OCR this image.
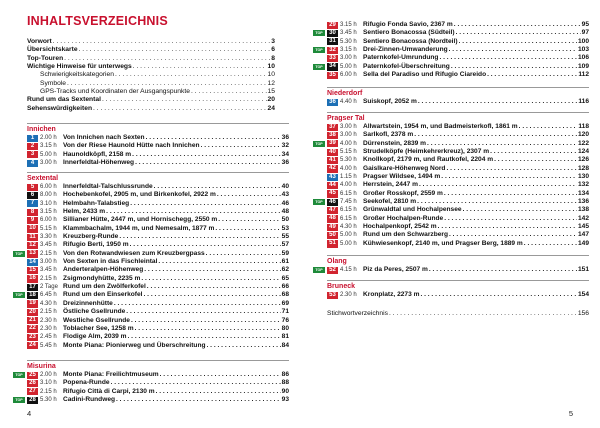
INHALTSVERZEICHNIS
Vorwort . . .	3
Übersichtskarte . . .	6
Top-Touren . . .	8
Wichtige Hinweise für unterwegs . . .	10
Schwierigkeitskategorien . . .	10
Symbole . . .	12
GPS-Tracks und Koordinaten der Ausgangspunkte . . .	15
Rund um das Sextental . . .	20
Sehenswürdigkeiten . . .	24
Innichen
1 2.00 h Von Innichen nach Sexten . . .	36
2 3.15 h Von der Riese Haunold Hütte nach Innichen . . .	32
3 5.00 h Haunoldköpfl, 2158 m . . .	34
4 3.00 h Innerfeldtal-Höhenweg . . .	36
Sextental
5 6.00 h Innerfeldtal-Talschlussrunde . . .	40
6 8.00 h Hochebenkofel, 2905 m, und Birkenkofel, 2922 m . . .	43
7 3.10 h Helmbahn-Talabstieg . . .	46
8 3.15 h Helm, 2433 m . . .	48
9 6.00 h Sillianer Hütte, 2447 m, und Hornischegg, 2550 m . . .	50
10 5.15 h Klammbachalm, 1944 m, und Nemesalm, 1877 m . . .	53
11 3.30 h Kreuzberg-Runde . . .	55
12 3.45 h Rifugio Berti, 1950 m . . .	57
TOP	13 2.15 h Von den Rotwandwiesen zum Kreuzbergpass . . .	59
14 3.00 h Von Sexten in das Fischleintal . . .	61
15 3.45 h Anderteralpen-Höhenweg . . .	62
16 2.15 h Zsigmondyhütte, 2235 m . . .	65
17 2 Tage Rund um den Zwölferkofel . . .	66
TOP	18 6.45 h Rund um den Einserkofel . . .	68
19 4.30 h Dreizinnenhütte . . .	69
20 2.15 h Östliche Gsellrunde . . .	71
21 2.30 h Westliche Gsellrunde . . .	76
22 2.30 h Toblacher See, 1258 m . . .	80
23 2.45 h Flodige Alm, 2039 m . . .	81
24 5.45 h Monte Piana: Pionierweg und Überschreitung . . .	84
Misurina
TOP	25 2.00 h Monte Piana: Freilichtmuseum . . .	86
26 3.10 h Popena-Runde . . .	88
27 2.15 h Rifugio Città di Carpi, 2130 m . . .	90
TOP	28 5.30 h Cadini-Rundweg . . .	93
4
29 3.15 h Rifugio Fonda Savio, 2367 m . . .	95
TOP	30 3.45 h Sentiero Bonacossa (Südteil) . . .	97
31 5.30 h Sentiero Bonacossa (Nordteil) . . .	100
TOP	32 3.15 h Drei-Zinnen-Umwanderung . . .	103
33 3.00 h Paternkofel-Umrundung . . .	106
TOP	34 5.00 h Paternkofel-Überschreitung . . .	109
35 6.00 h Sella del Paradiso und Rifugio Ciareido . . .	112
Niederdorf
36 4.40 h Suiskopf, 2052 m . . .	116
Pragser Tal
37 3.00 h Allwartstein, 1954 m, und Badmeisterkofl, 1861 m . . .	118
38 3.00 h Sarlkofl, 2378 m . . .	120
TOP	39 4.00 h Dürrenstein, 2839 m . . .	122
40 5.15 h Strudelköpfe (Heimkehrerkreuz), 2307 m . . .	124
41 5.30 h Knollkopf, 2179 m, und Rautkofel, 2204 m . . .	126
42 4.00 h Gaislkare-Höhenweg Nord . . .	128
43 1.15 h Pragser Wildsee, 1494 m . . .	130
44 4.00 h Herrstein, 2447 m . . .	132
45 6.15 h Großer Rosskopf, 2559 m . . .	134
TOP	46 7.45 h Seekofel, 2810 m . . .	136
47 6.15 h Grünwaldtal und Hochalpensee . . .	138
48 6.15 h Großer Hochalpen-Runde . . .	142
49 4.30 h Hochalpenkopf, 2542 m . . .	145
50 5.00 h Rund um den Schwarzberg . . .	147
51 5.00 h Kühwiesenkopf, 2140 m, und Pragser Berg, 1889 m . . .	149
Olang
TOP	52 4.15 h Piz da Peres, 2507 m . . .	151
Bruneck
53 2.30 h Kronplatz, 2273 m . . .	154
Stichwortverzeichnis . . .	156
5
